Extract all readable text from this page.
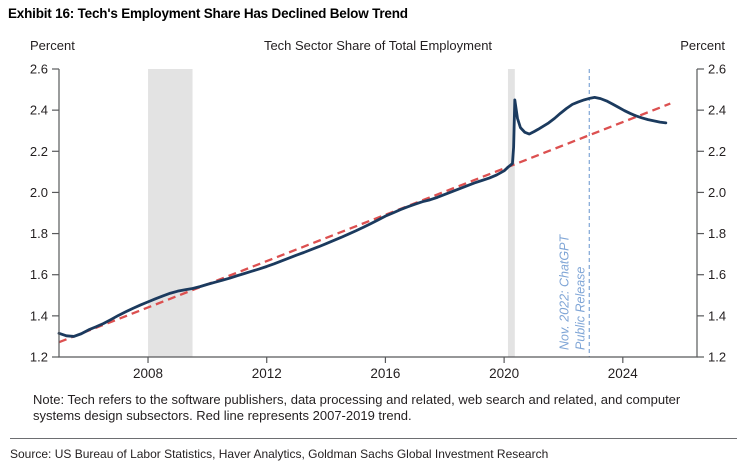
Exhibit 16: Tech's Employment Share Has Declined Below Trend
Percent	Tech Sector Share of Total Employment	Percent
Nov. 2022: ChatGPT Public Release
1.2	1.2
1.4	1.4
1.6	1.6
1.8	1.8
2.0	2.0
2.2	2.2
2.4	2.4
2.6	2.6
2008	2012	2016	2020	2024
Note: Tech refers to the software publishers, data processing and related, web search and related, and computer systems design subsectors. Red line represents 2007-2019 trend.
Source: US Bureau of Labor Statistics, Haver Analytics, Goldman Sachs Global Investment Research
